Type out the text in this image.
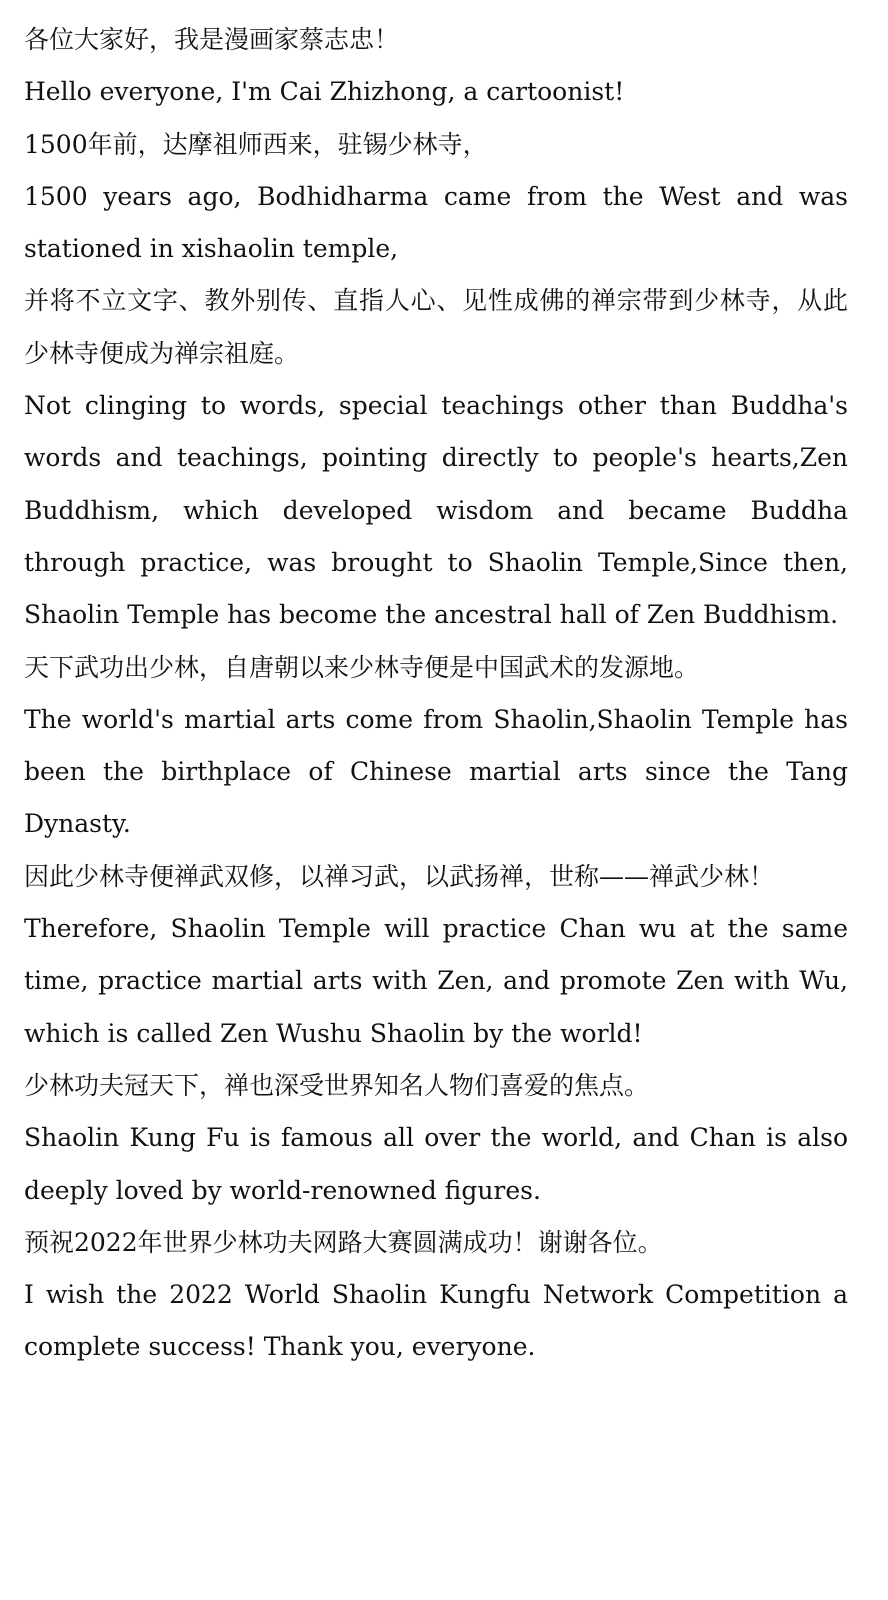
各位大家好，我是漫画家蔡志忠！

Hello everyone, I'm Cai Zhizhong, a cartoonist!

1500年前，达摩祖师西来，驻锡少林寺，

1500 years ago, Bodhidharma came from the West and was stationed in xishaolin temple,

并将不立文字、教外别传、直指人心、见性成佛的禅宗带到少林寺，从此少林寺便成为禅宗祖庭。

Not clinging to words, special teachings other than Buddha's words and teachings, pointing directly to people's hearts,Zen Buddhism, which developed wisdom and became Buddha through practice, was brought to Shaolin Temple,Since then, Shaolin Temple has become the ancestral hall of Zen Buddhism.

天下武功出少林，自唐朝以来少林寺便是中国武术的发源地。

The world's martial arts come from Shaolin,Shaolin Temple has been the birthplace of Chinese martial arts since the Tang Dynasty.

因此少林寺便禅武双修，以禅习武，以武扬禅，世称——禅武少林！

Therefore, Shaolin Temple will practice Chan wu at the same time, practice martial arts with Zen, and promote Zen with Wu, which is called Zen Wushu Shaolin by the world!

少林功夫冠天下，禅也深受世界知名人物们喜爱的焦点。

Shaolin Kung Fu is famous all over the world, and Chan is also deeply loved by world-renowned figures.

预祝2022年世界少林功夫网路大赛圆满成功！谢谢各位。

I wish the 2022 World Shaolin Kungfu Network Competition a complete success! Thank you, everyone.
